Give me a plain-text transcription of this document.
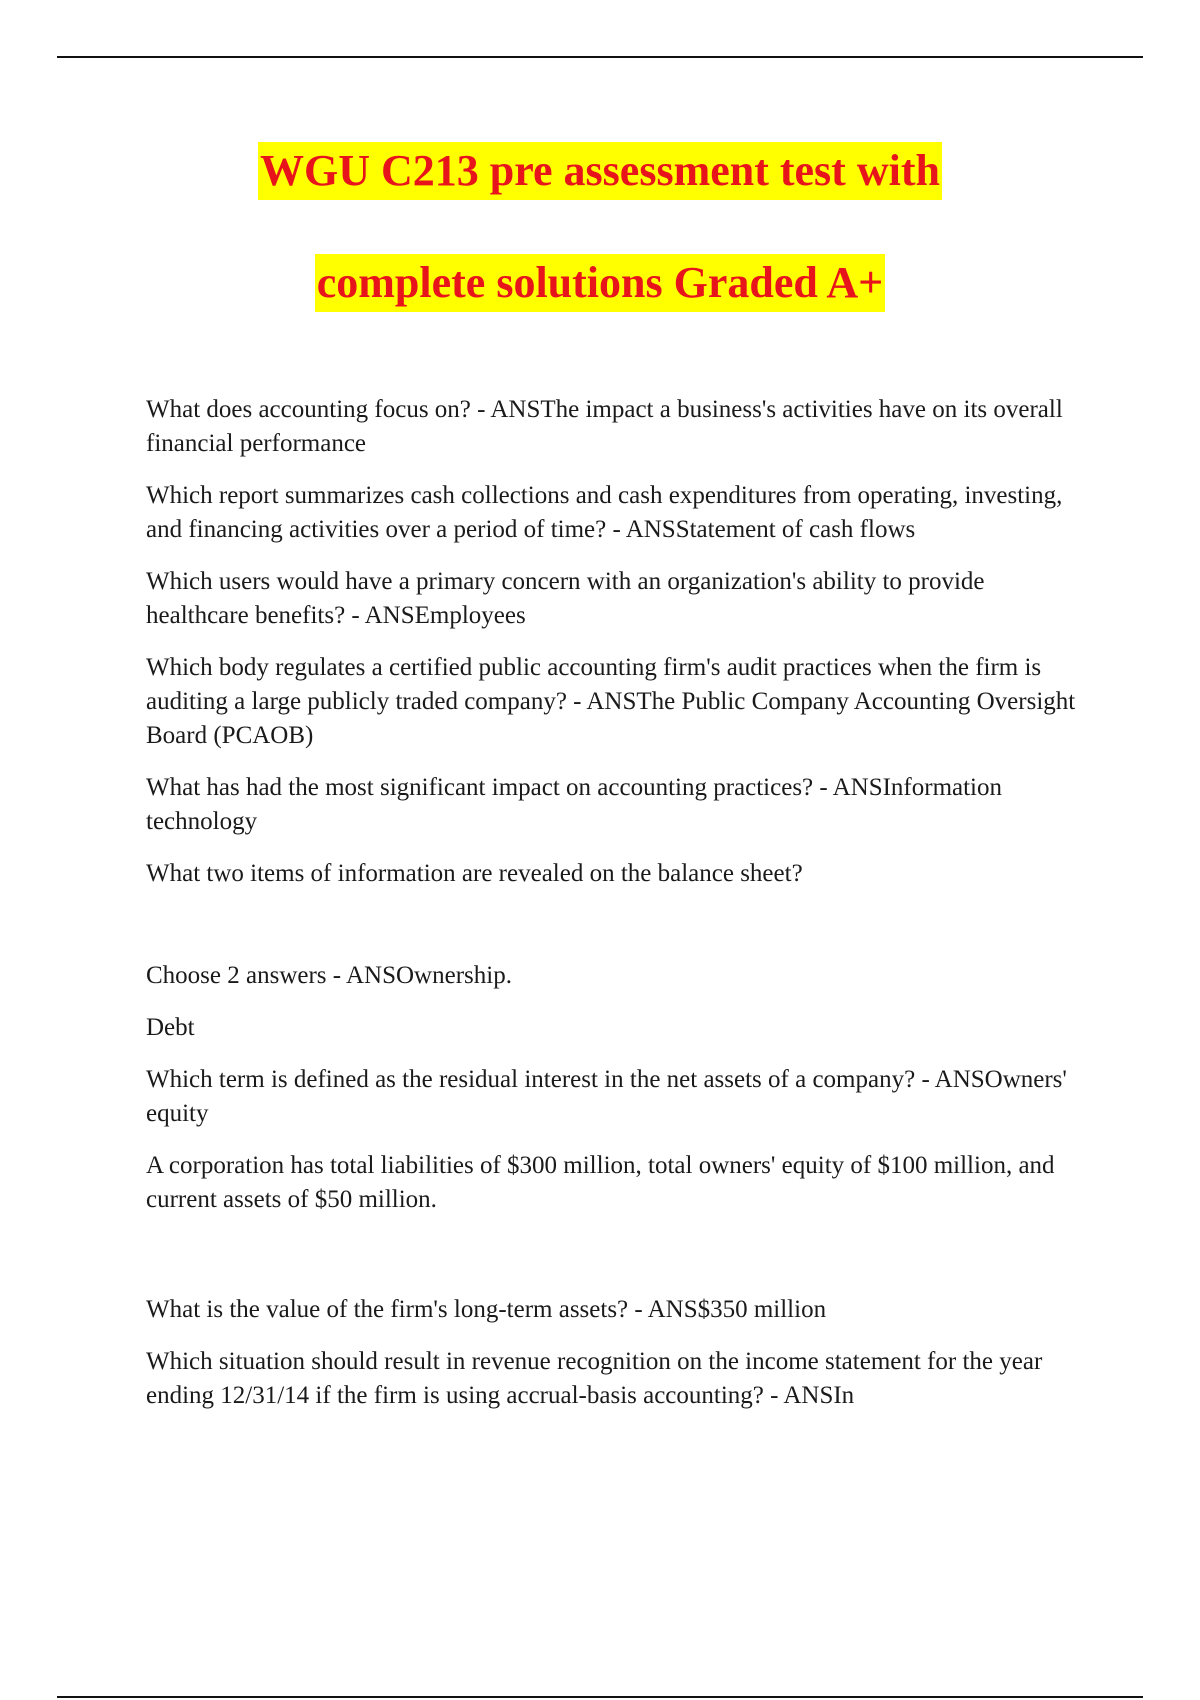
WGU C213 pre assessment test with
complete solutions Graded A+

What does accounting focus on? - ANSThe impact a business's activities have on its overall financial performance

Which report summarizes cash collections and cash expenditures from operating, investing, and financing activities over a period of time? - ANSStatement of cash flows

Which users would have a primary concern with an organization's ability to provide healthcare benefits? - ANSEmployees

Which body regulates a certified public accounting firm's audit practices when the firm is auditing a large publicly traded company? - ANSThe Public Company Accounting Oversight Board (PCAOB)

What has had the most significant impact on accounting practices? - ANSInformation technology

What two items of information are revealed on the balance sheet?

Choose 2 answers - ANSOwnership.

Debt

Which term is defined as the residual interest in the net assets of a company? - ANSOwners' equity

A corporation has total liabilities of $300 million, total owners' equity of $100 million, and current assets of $50 million.

What is the value of the firm's long-term assets? - ANS$350 million

Which situation should result in revenue recognition on the income statement for the year ending 12/31/14 if the firm is using accrual-basis accounting? - ANSIn
